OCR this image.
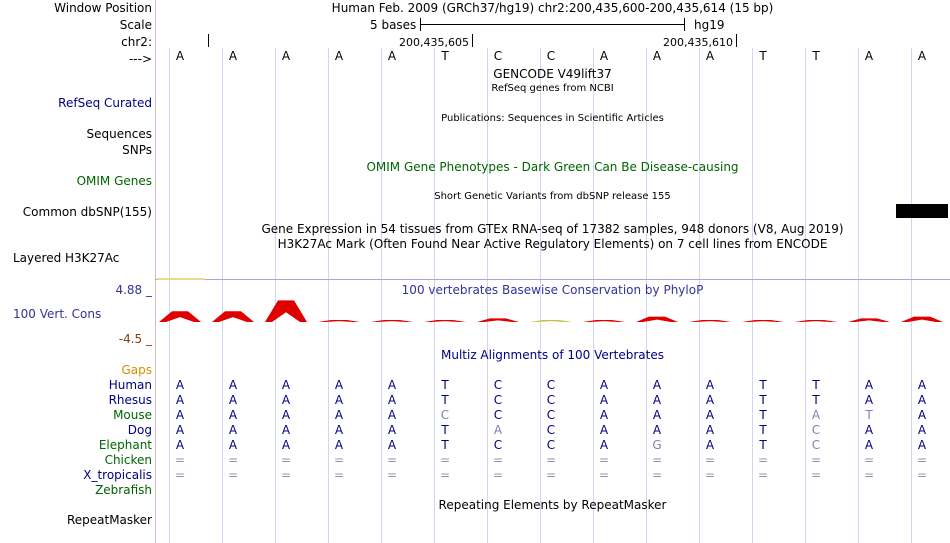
Window Position	Human Feb. 2009 (GRCh37/hg19) chr2:200,435,600-200,435,614 (15 bp)
Scale	5 bases	hg19
chr2:	200,435,605	200,435,610
--->	A	A	A	A	A	T	C	C	A	A	A	T	T	A	A
GENCODE V49lift37
RefSeq genes from NCBI
RefSeq Curated
Publications: Sequences in Scientific Articles
Sequences
SNPs
OMIM Gene Phenotypes - Dark Green Can Be Disease-causing
OMIM Genes
Short Genetic Variants from dbSNP release 155
Common dbSNP(155)
Gene Expression in 54 tissues from GTEx RNA-seq of 17382 samples, 948 donors (V8, Aug 2019)
H3K27Ac Mark (Often Found Near Active Regulatory Elements) on 7 cell lines from ENCODE
Layered H3K27Ac
4.88 _	100 vertebrates Basewise Conservation by PhyloP
100 Vert. Cons
-4.5 _
Multiz Alignments of 100 Vertebrates
Gaps
Human	A	A	A	A	A	T	C	C	A	A	A	T	T	A	A
Rhesus	A	A	A	A	A	T	C	C	A	A	A	T	T	A	A
Mouse	A	A	A	A	A	C	C	C	A	A	A	T	A	T	A
Dog	A	A	A	A	A	T	A	C	A	A	A	T	C	A	A
Elephant	A	A	A	A	A	T	C	C	A	G	A	T	C	A	A
Chicken	=	=	=	=	=	=	=	=	=	=	=	=	=	=	=
X_tropicalis	=	=	=	=	=	=	=	=	=	=	=	=	=	=	=
Zebrafish
Repeating Elements by RepeatMasker
RepeatMasker
